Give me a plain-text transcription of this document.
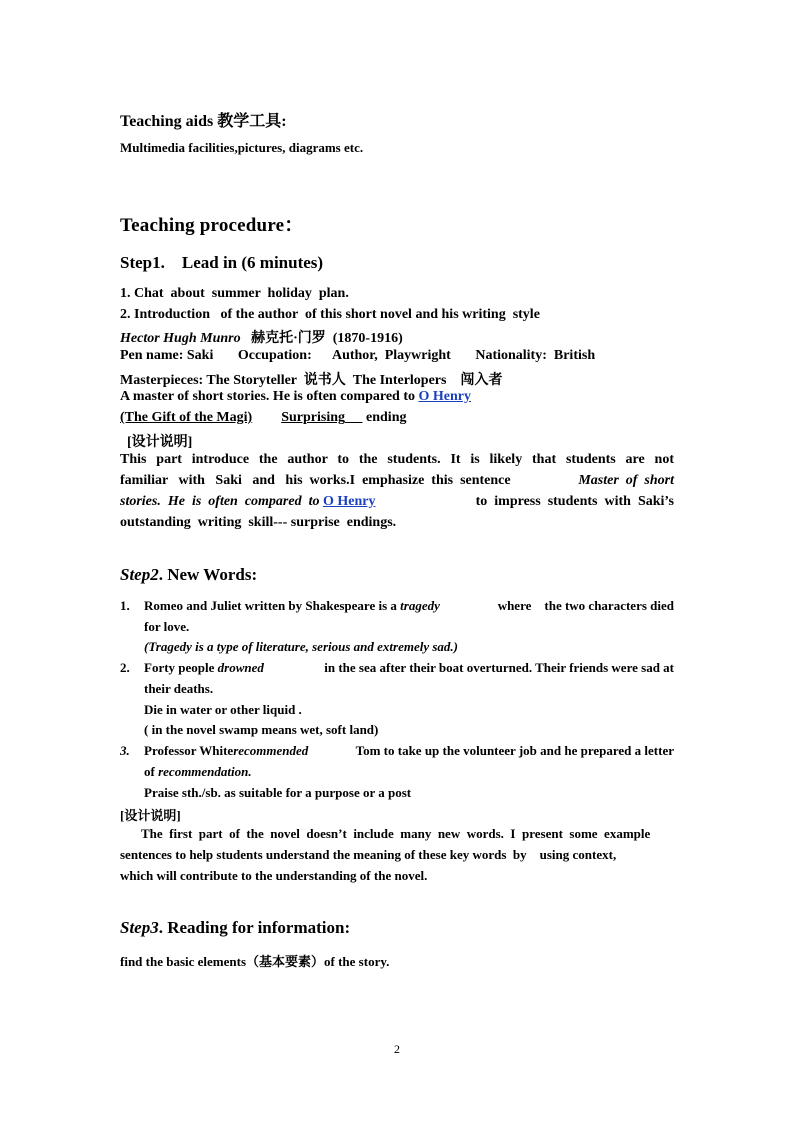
Teaching aids 教学工具:
Multimedia facilities,pictures, diagrams etc.
Teaching procedure：
Step1.    Lead in (6 minutes)
1. Chat  about  summer  holiday  plan.
2. Introduction   of the author  of this short novel and his writing  style
Hector Hugh Munro 赫克托·门罗  (1870-1916)
Pen name: Saki       Occupation:      Author,  Playwright       Nationality:  British
Masterpieces: The Storyteller  说书人  The Interlopers    闯入者
A master of short stories. He is often compared to O Henry
(The Gift of the Magi) Surprising ending
[设计说明]
This  part  introduce  the  author  to  the  students.  It  is  likely  that  students  are  not
familiar   with   Saki   and   his  works.I  emphasize  this  sentence	Master  of  short
stories.  He  is  often  compared  to O Henry	to  impress  students  with  Saki’s
outstanding  writing  skill--- surprise  endings.
Step2. New Words:
1. Romeo and Juliet written by Shakespeare is a tragedy	where    the two characters died
for love.
(Tragedy is a type of literature, serious and extremely sad.)
2. Forty people drowned	in the sea after their boat overturned. Their friends were sad at
their deaths.
Die in water or other liquid .
( in the novel swamp means wet, soft land)
3. Professor Whiterecommended	Tom to take up the volunteer job and he prepared a letter
of recommendation.
Praise sth./sb. as suitable for a purpose or a post
[设计说明]
The  first  part  of  the  novel  doesn’t  include  many  new  words.  I  present  some  example
sentences to help students understand the meaning of these key words  by    using context,
which will contribute to the understanding of the novel.
Step3. Reading for information:
find the basic elements（基本要素）of the story.
2
